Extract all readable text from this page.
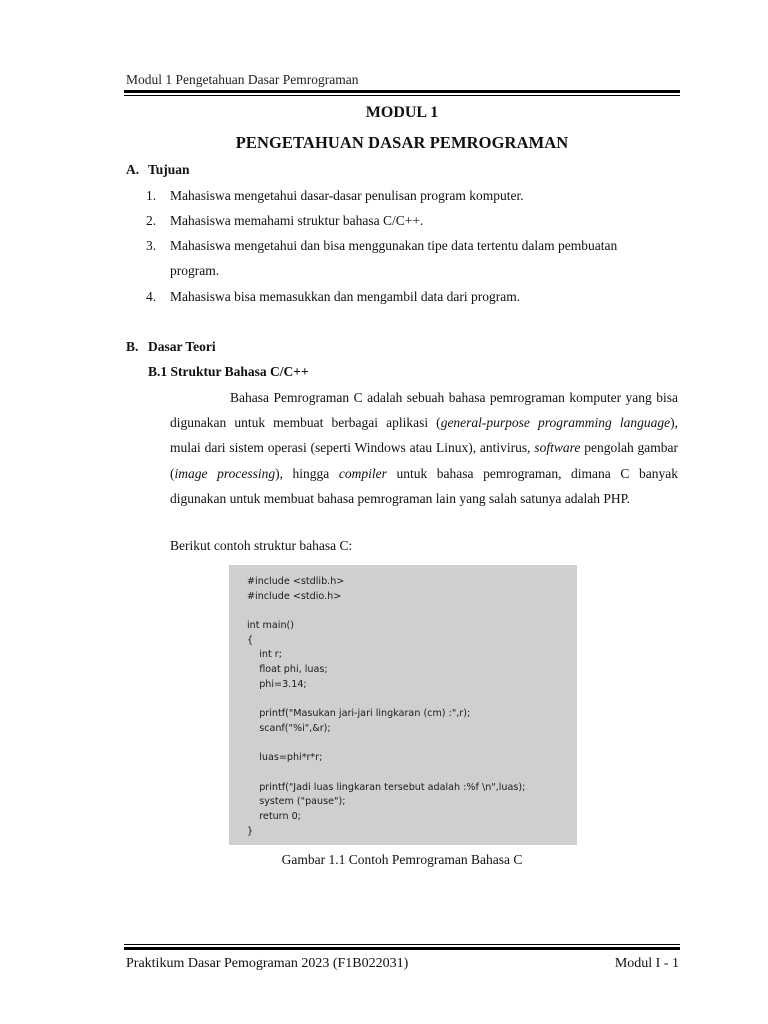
Modul 1 Pengetahuan Dasar Pemrograman
MODUL 1
PENGETAHUAN DASAR PEMROGRAMAN
A. Tujuan
1.	Mahasiswa mengetahui dasar-dasar penulisan program komputer.
2.	Mahasiswa memahami struktur bahasa C/C++.
3.	Mahasiswa mengetahui dan bisa menggunakan tipe data tertentu dalam pembuatan
program.
4.	Mahasiswa bisa memasukkan dan mengambil data dari program.
B. Dasar Teori
B.1 Struktur Bahasa C/C++
Bahasa Pemrograman C adalah sebuah bahasa pemrograman komputer yang bisa digunakan untuk membuat berbagai aplikasi (general-purpose programming language), mulai dari sistem operasi (seperti Windows atau Linux), antivirus, software pengolah gambar (image processing), hingga compiler untuk bahasa pemrograman, dimana C banyak digunakan untuk membuat bahasa pemrograman lain yang salah satunya adalah PHP.
Berikut contoh struktur bahasa C:
#include <stdlib.h>
#include <stdio.h>
int main()
{
int r;
float phi, luas;
phi=3.14;
printf("Masukan jari-jari lingkaran (cm) :",r);
scanf("%i",&r);
luas=phi*r*r;
printf("Jadi luas lingkaran tersebut adalah :%f \n",luas);
system ("pause");
return 0;
}
Gambar 1.1 Contoh Pemrograman Bahasa C
Praktikum Dasar Pemograman 2023 (F1B022031)	Modul I - 1
